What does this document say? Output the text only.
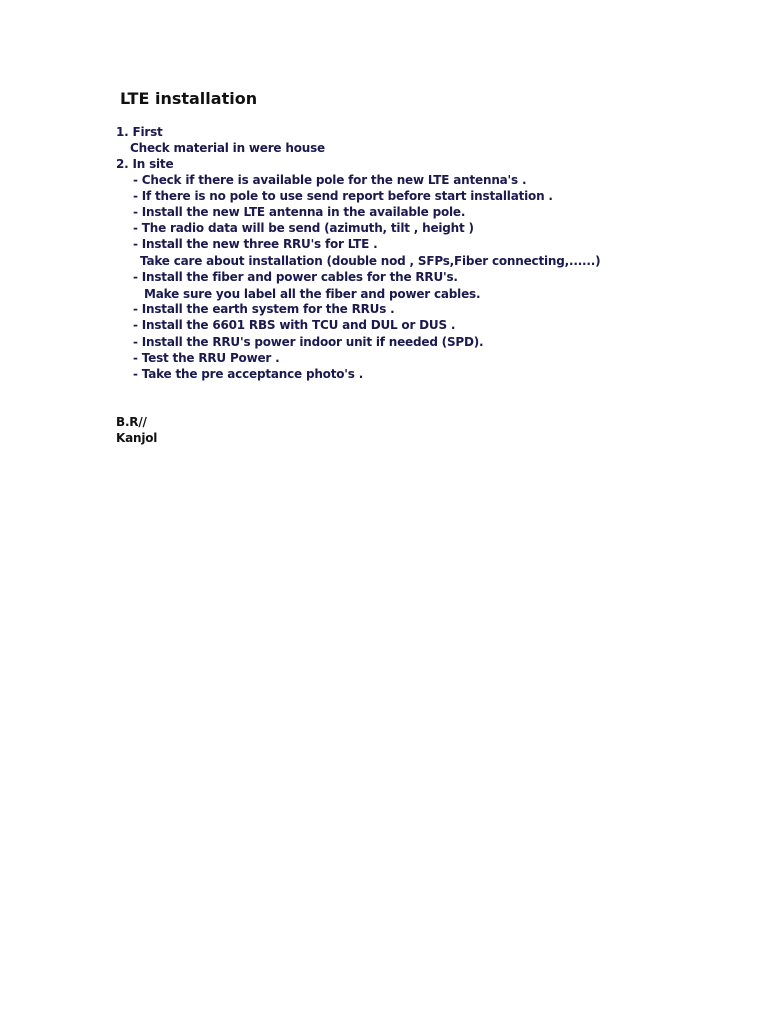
LTE installation
1. First
Check material in were house
2. In site
- Check if there is available pole for the new LTE antenna's .
- If there is no pole to use send report before start installation .
- Install the new LTE antenna in the available pole.
- The radio data will be send (azimuth, tilt , height )
- Install the new three RRU's for LTE .
Take care about installation (double nod , SFPs,Fiber connecting,......)
- Install the fiber and power cables for the RRU's.
Make sure you label all the fiber and power cables.
- Install the earth system for the RRUs .
- Install the 6601 RBS with TCU and DUL or DUS .
- Install the RRU's power indoor unit if needed (SPD).
- Test the RRU Power .
- Take the pre acceptance photo's .
B.R//
Kanjol
